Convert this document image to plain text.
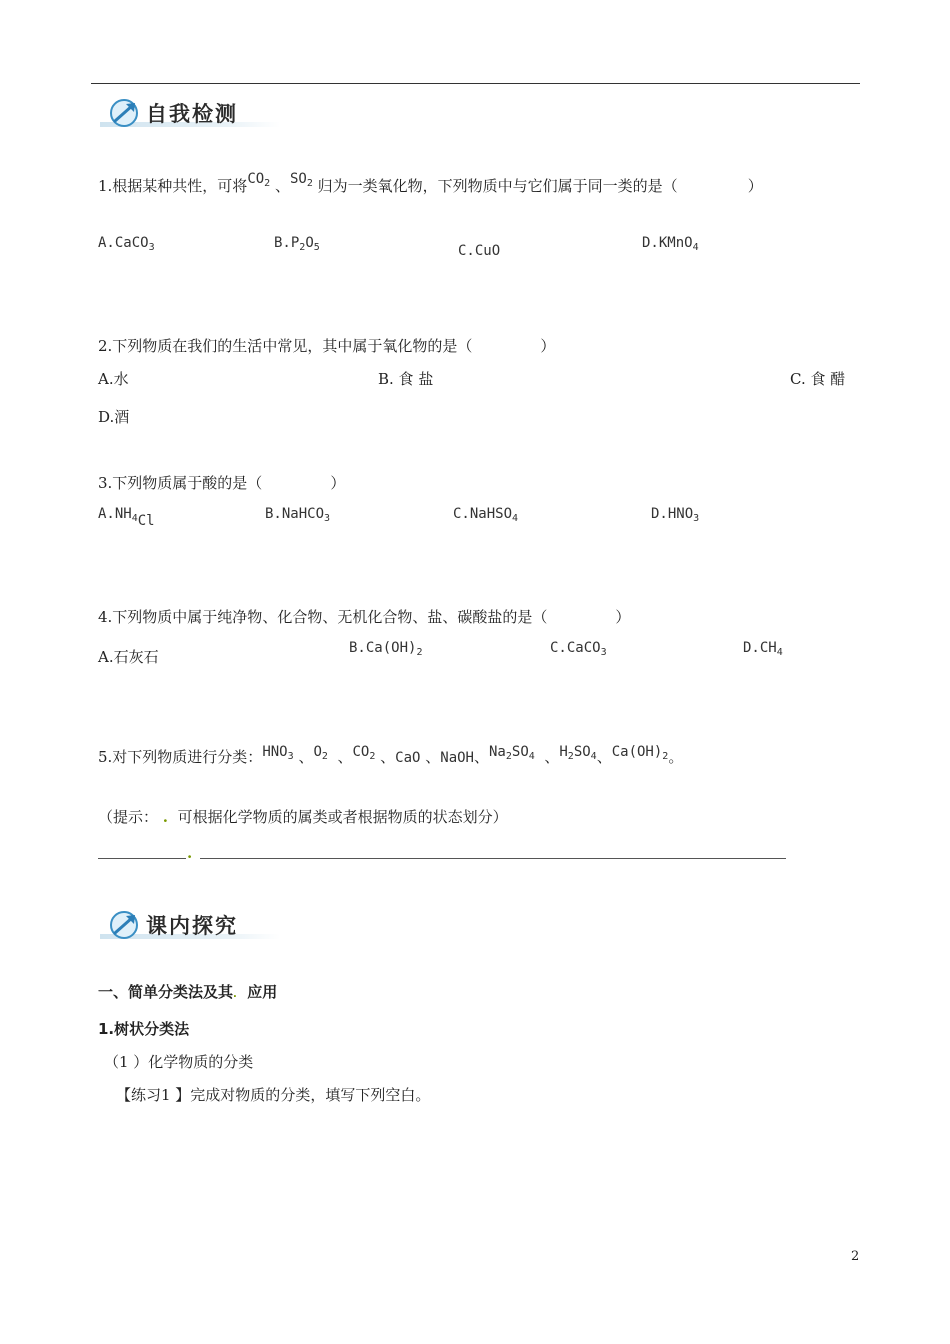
自我检测
1.根据某种共性，可将$CO_2$ 、$SO_2$ 归为一类氧化物，下列物质中与它们属于同一类的是（	）
A.CaCO$_3$	$B.P_2O_5$	C.CuO	D.KMnO$_4$
2.下列物质在我们的生活中常见，其中属于氧化物的是（	）
A.水	B. 食 盐	C. 食 醋
D.酒
3.下列物质属于酸的是（	）
$A.NH_4Cl$	B.NaHCO$_3$	C.NaHSO$_4$	$D.HNO_3$
4.下列物质中属于纯净物、化合物、无机化合物、盐、碳酸盐的是（	）
A.石灰石	$B.Ca(OH)_2$	C.CaCO$_3$	$D.CH_4$
5.对下列物质进行分类：$HNO_3$ 、$O_2$ 、$CO_2$ 、CaO 、NaOH、$Na_2SO_4$ 、$H_2SO_4$、$Ca(OH)_2$。
（提示： . 可根据化学物质的属类或者根据物质的状态划分）
.
课内探究
一、简单分类法及其. 应用
1.树状分类法
（1 ）化学物质的分类
【练习1 】完成对物质的分类，填写下列空白。
2
